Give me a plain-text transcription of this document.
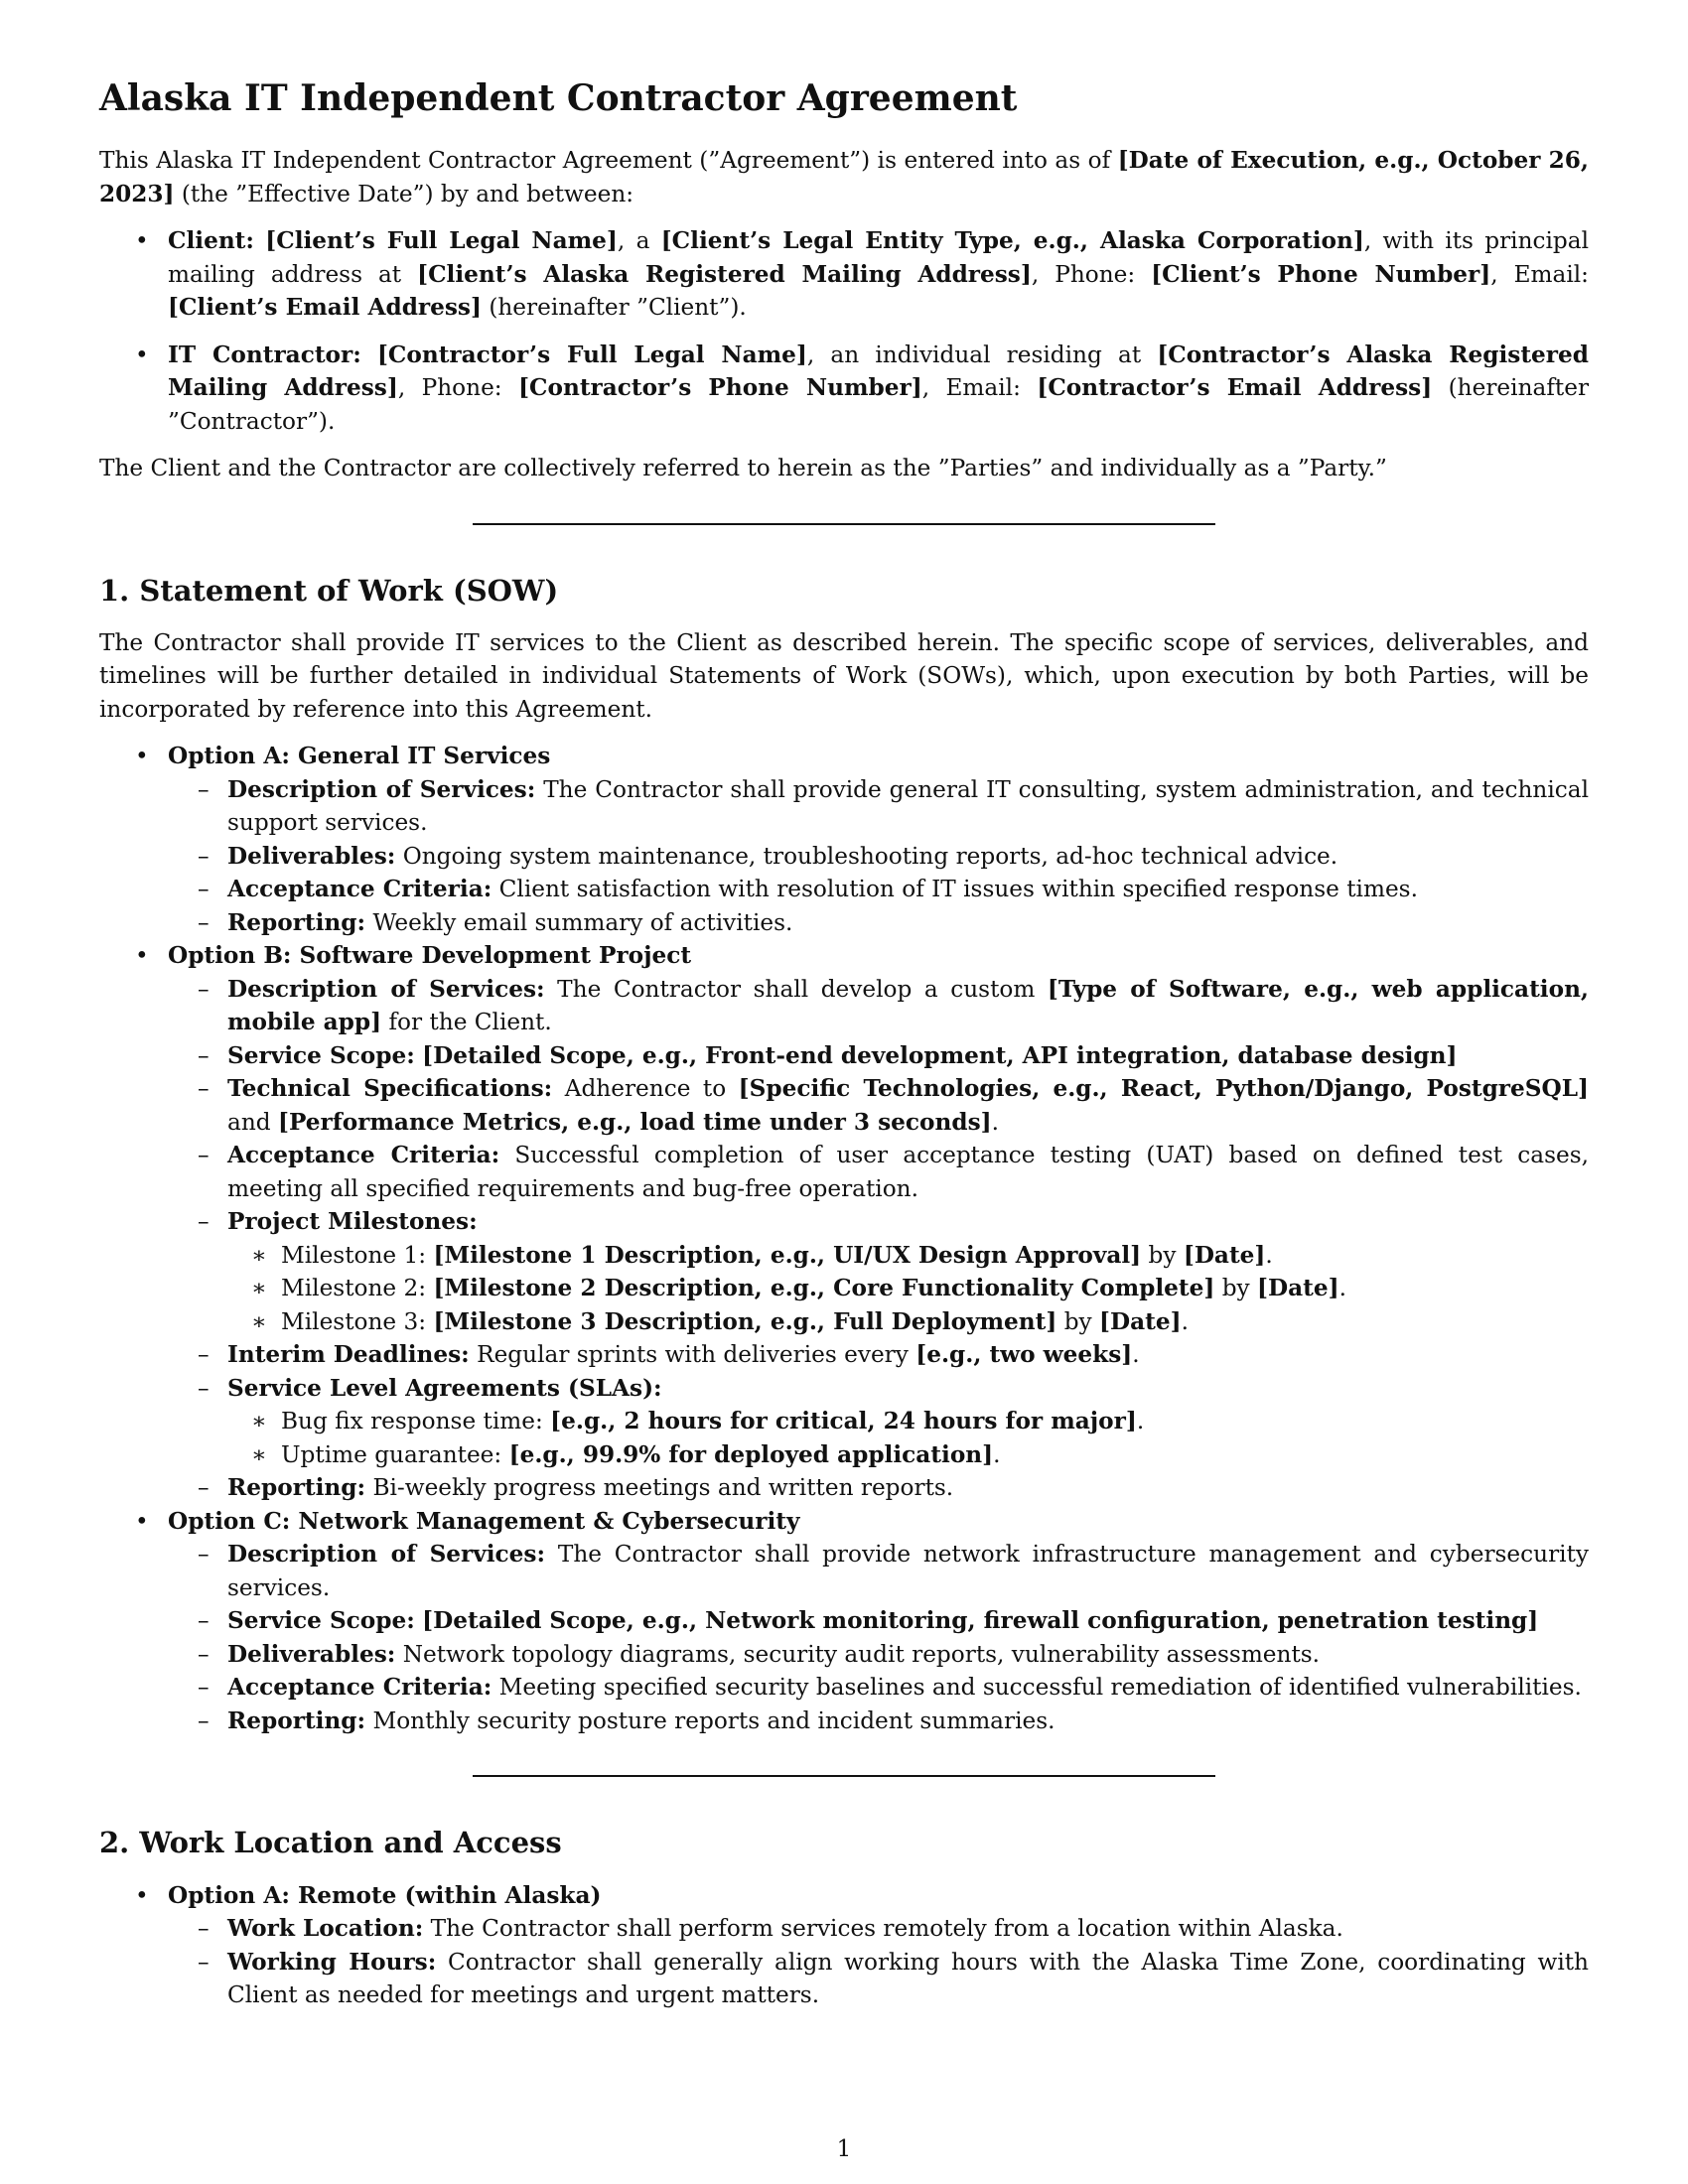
Alaska IT Independent Contractor Agreement

This Alaska IT Independent Contractor Agreement (”Agreement”) is entered into as of [Date of Execution, e.g., October 26, 2023] (the ”Effective Date”) by and between:

• Client: [Client’s Full Legal Name], a [Client’s Legal Entity Type, e.g., Alaska Corporation], with its principal mailing address at [Client’s Alaska Registered Mailing Address], Phone: [Client’s Phone Number], Email: [Client’s Email Address] (hereinafter ”Client”).
• IT Contractor: [Contractor’s Full Legal Name], an individual residing at [Contractor’s Alaska Registered Mailing Address], Phone: [Contractor’s Phone Number], Email: [Contractor’s Email Address] (hereinafter ”Contractor”).

The Client and the Contractor are collectively referred to herein as the ”Parties” and individually as a ”Party.”

1. Statement of Work (SOW)

The Contractor shall provide IT services to the Client as described herein. The specific scope of services, deliverables, and timelines will be further detailed in individual Statements of Work (SOWs), which, upon execution by both Parties, will be incorporated by reference into this Agreement.

• Option A: General IT Services
– Description of Services: The Contractor shall provide general IT consulting, system administration, and technical support services.
– Deliverables: Ongoing system maintenance, troubleshooting reports, ad-hoc technical advice.
– Acceptance Criteria: Client satisfaction with resolution of IT issues within specified response times.
– Reporting: Weekly email summary of activities.
• Option B: Software Development Project
– Description of Services: The Contractor shall develop a custom [Type of Software, e.g., web application, mobile app] for the Client.
– Service Scope: [Detailed Scope, e.g., Front-end development, API integration, database design]
– Technical Specifications: Adherence to [Specific Technologies, e.g., React, Python/Django, PostgreSQL] and [Performance Metrics, e.g., load time under 3 seconds].
– Acceptance Criteria: Successful completion of user acceptance testing (UAT) based on defined test cases, meeting all specified requirements and bug-free operation.
– Project Milestones:
∗ Milestone 1: [Milestone 1 Description, e.g., UI/UX Design Approval] by [Date].
∗ Milestone 2: [Milestone 2 Description, e.g., Core Functionality Complete] by [Date].
∗ Milestone 3: [Milestone 3 Description, e.g., Full Deployment] by [Date].
– Interim Deadlines: Regular sprints with deliveries every [e.g., two weeks].
– Service Level Agreements (SLAs):
∗ Bug fix response time: [e.g., 2 hours for critical, 24 hours for major].
∗ Uptime guarantee: [e.g., 99.9% for deployed application].
– Reporting: Bi-weekly progress meetings and written reports.
• Option C: Network Management & Cybersecurity
– Description of Services: The Contractor shall provide network infrastructure management and cybersecurity services.
– Service Scope: [Detailed Scope, e.g., Network monitoring, firewall configuration, penetration testing]
– Deliverables: Network topology diagrams, security audit reports, vulnerability assessments.
– Acceptance Criteria: Meeting specified security baselines and successful remediation of identified vulnerabilities.
– Reporting: Monthly security posture reports and incident summaries.
2. Work Location and Access
• Option A: Remote (within Alaska)
– Work Location: The Contractor shall perform services remotely from a location within Alaska.
– Working Hours: Contractor shall generally align working hours with the Alaska Time Zone, coordinating with Client as needed for meetings and urgent matters.
1
